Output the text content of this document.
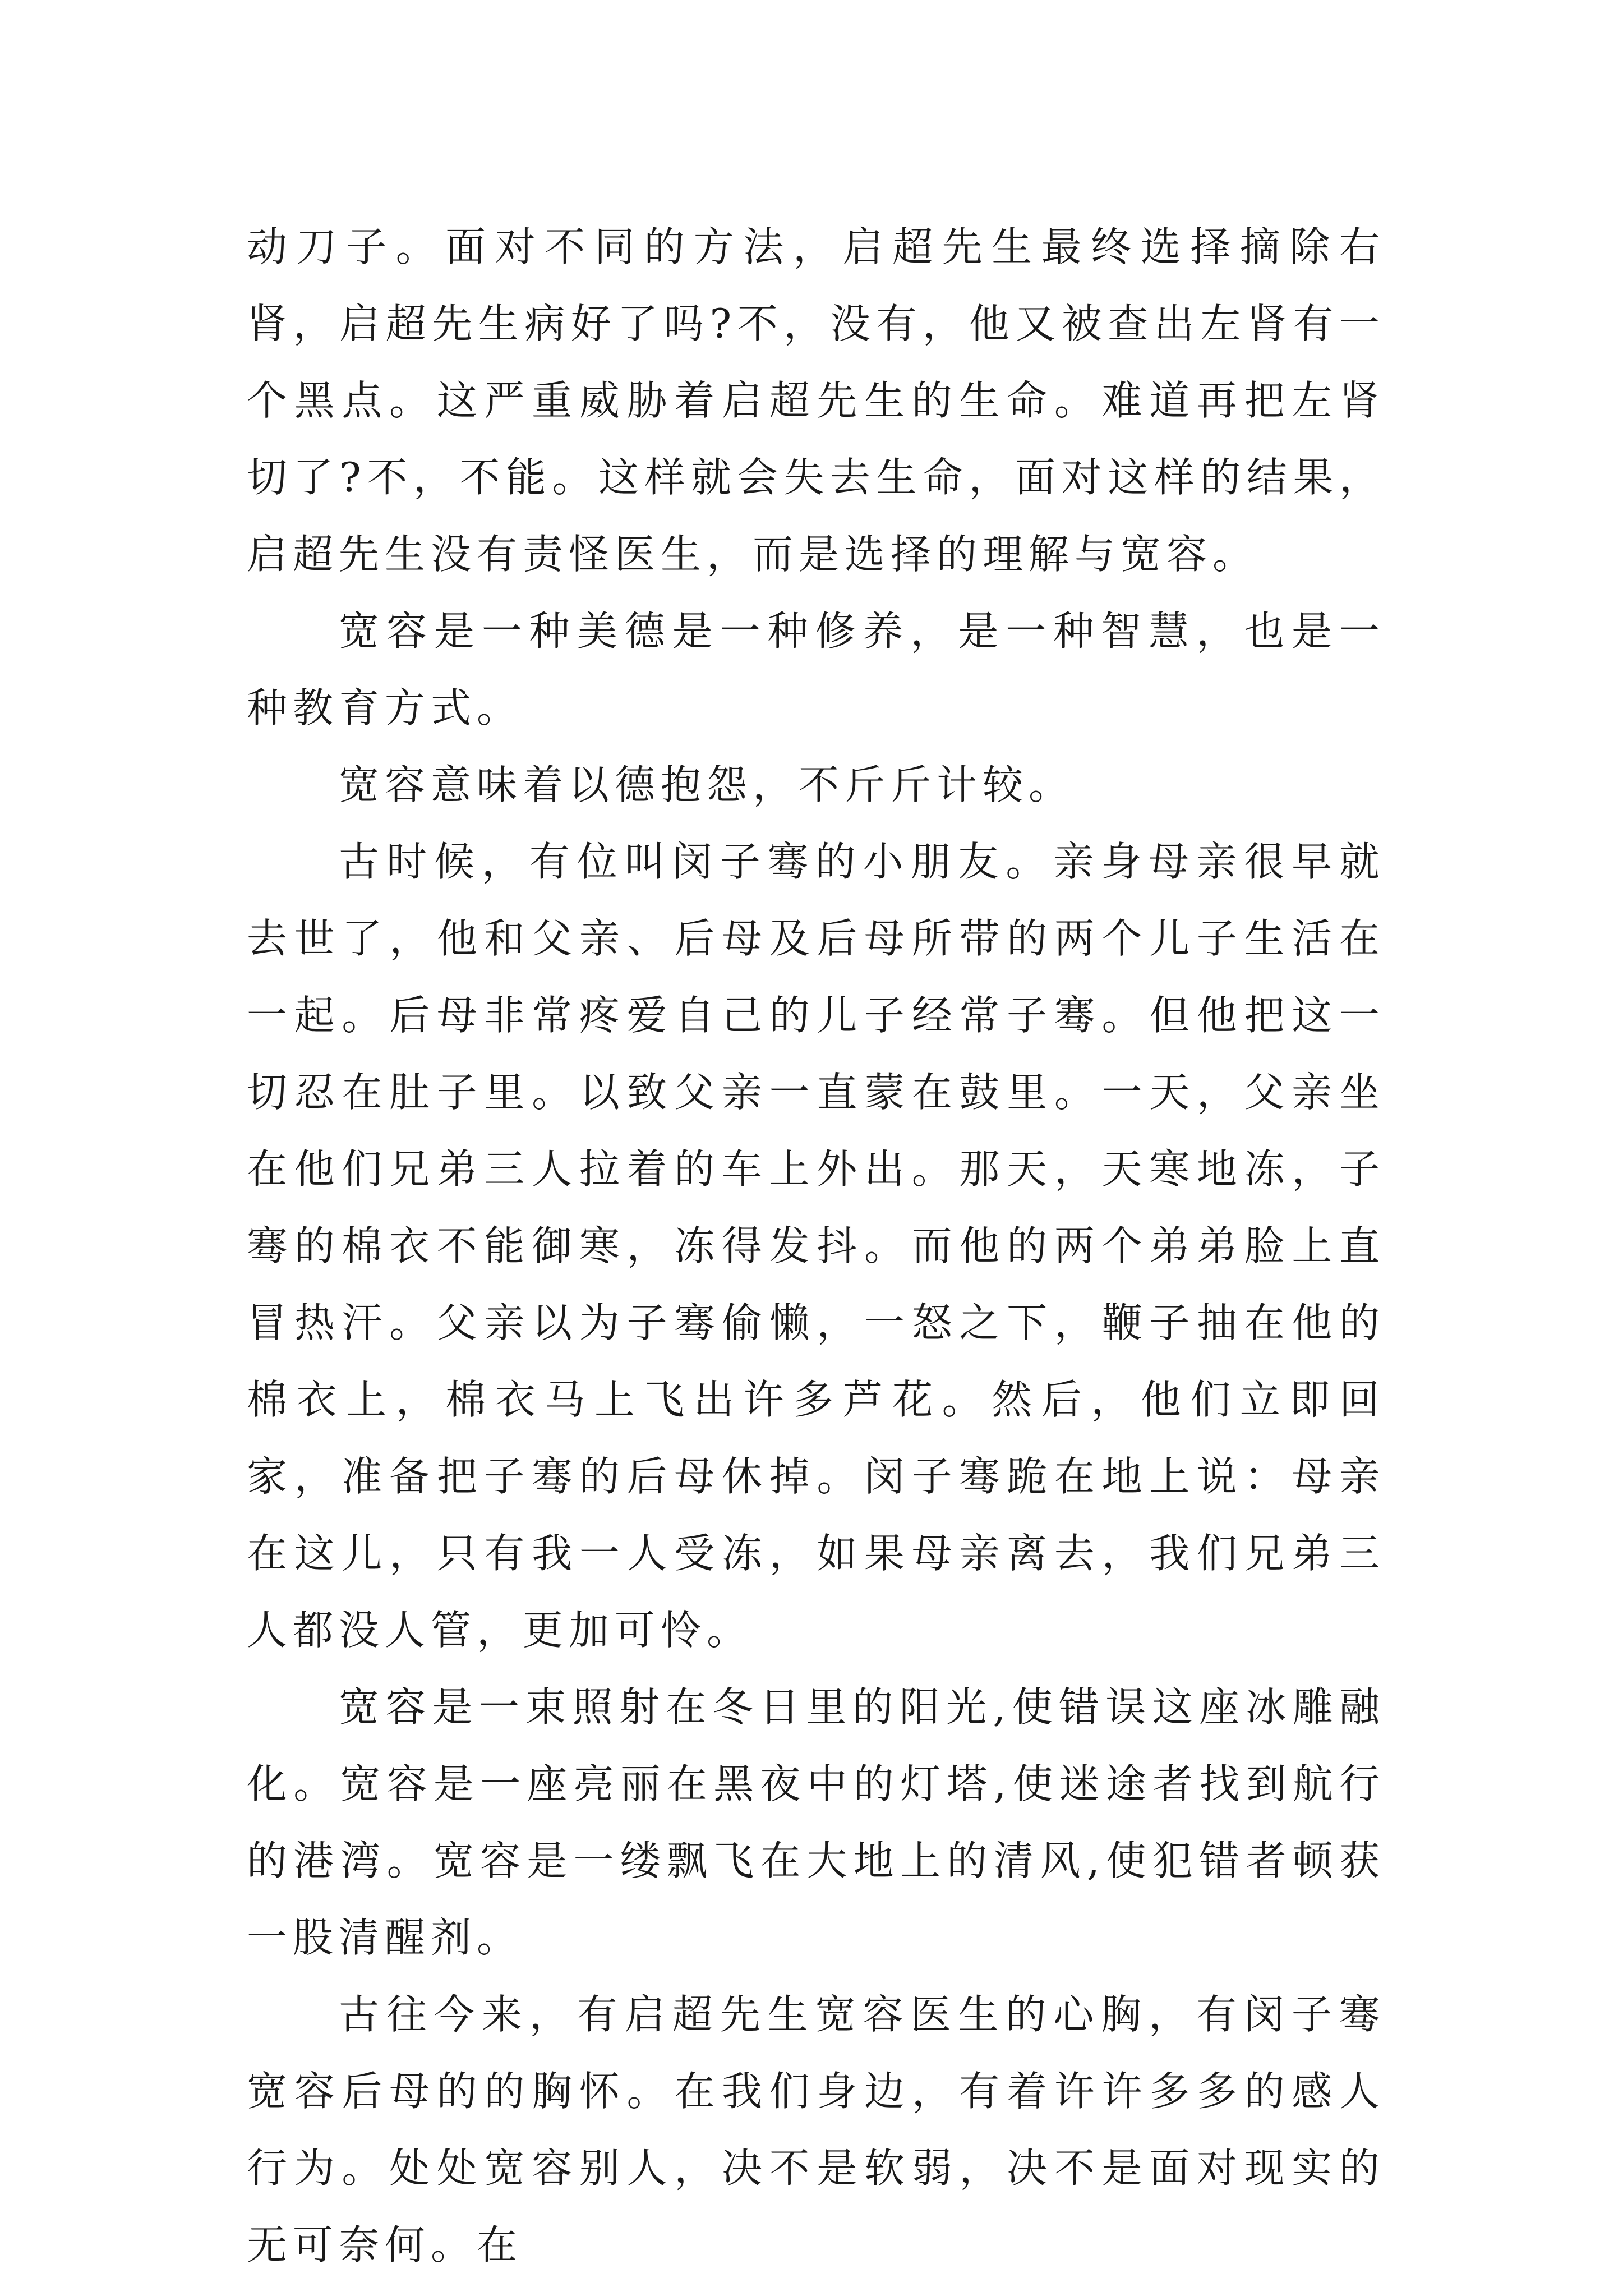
动刀子。面对不同的方法，启超先生最终选择摘除右肾，启超先生病好了吗?不，没有，他又被查出左肾有一个黑点。这严重威胁着启超先生的生命。难道再把左肾切了?不，不能。这样就会失去生命，面对这样的结果，启超先生没有责怪医生，而是选择的理解与宽容。

宽容是一种美德是一种修养，是一种智慧，也是一种教育方式。

宽容意味着以德抱怨，不斤斤计较。

古时候，有位叫闵子骞的小朋友。亲身母亲很早就去世了，他和父亲、后母及后母所带的两个儿子生活在一起。后母非常疼爱自己的儿子经常子骞。但他把这一切忍在肚子里。以致父亲一直蒙在鼓里。一天，父亲坐在他们兄弟三人拉着的车上外出。那天，天寒地冻，子骞的棉衣不能御寒，冻得发抖。而他的两个弟弟脸上直冒热汗。父亲以为子骞偷懒，一怒之下，鞭子抽在他的棉衣上，棉衣马上飞出许多芦花。然后，他们立即回家，准备把子骞的后母休掉。闵子骞跪在地上说：母亲在这儿，只有我一人受冻，如果母亲离去，我们兄弟三人都没人管，更加可怜。

宽容是一束照射在冬日里的阳光,使错误这座冰雕融化。宽容是一座亮丽在黑夜中的灯塔,使迷途者找到航行的港湾。宽容是一缕飘飞在大地上的清风,使犯错者顿获一股清醒剂。

古往今来，有启超先生宽容医生的心胸，有闵子骞宽容后母的的胸怀。在我们身边，有着许许多多的感人行为。处处宽容别人，决不是软弱，决不是面对现实的无可奈何。在
